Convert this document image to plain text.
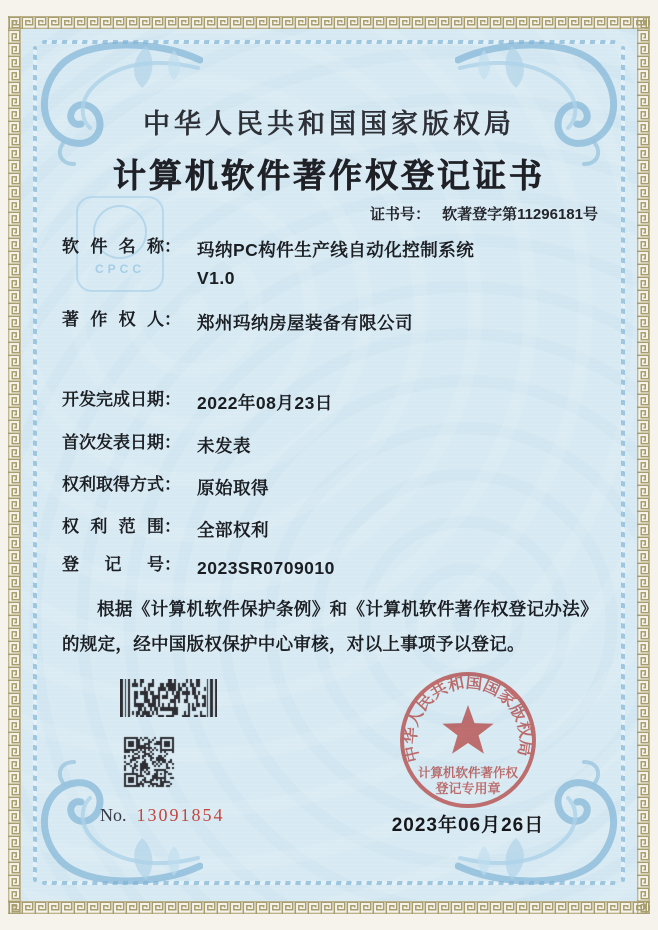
CPCC
中华人民共和国国家版权局
计算机软件著作权登记证书
证书号： 软著登字第11296181号
软件名称： 玛纳PC构件生产线自动化控制系统
V1.0
著作权人： 郑州玛纳房屋装备有限公司
开发完成日期： 2022年08月23日
首次发表日期： 未发表
权利取得方式： 原始取得
权利范围： 全部权利
登记号： 2023SR0709010
根据《计算机软件保护条例》和《计算机软件著作权登记办法》的规定，经中国版权保护中心审核，对以上事项予以登记。
No. 13091854
中华人民共和国国家版权局
计算机软件著作权
登记专用章
2023年06月26日
